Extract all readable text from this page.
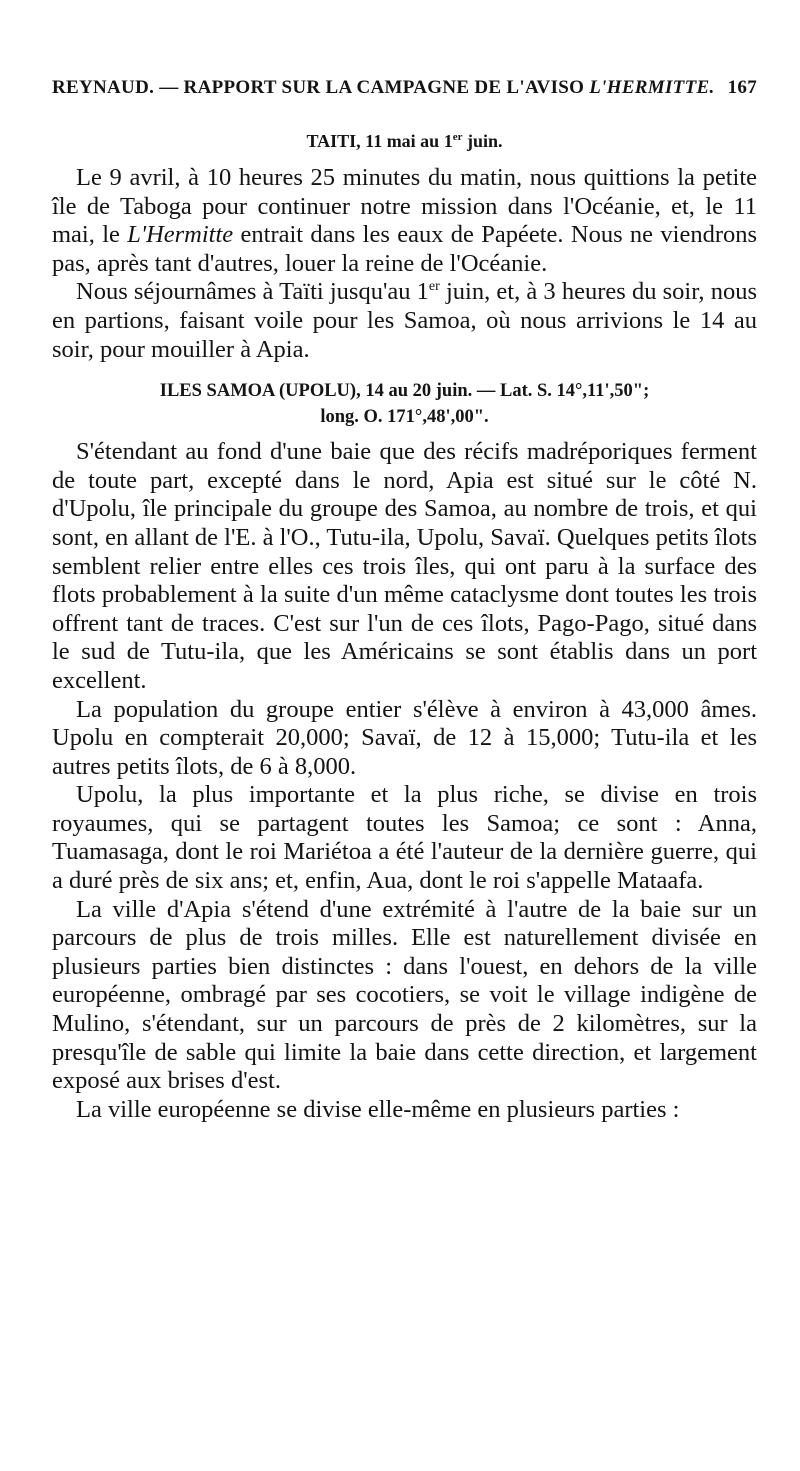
REYNAUD. — RAPPORT SUR LA CAMPAGNE DE L'AVISO L'HERMITTE. 167
TAITI, 11 mai au 1er juin.

Le 9 avril, à 10 heures 25 minutes du matin, nous quittions la petite île de Taboga pour continuer notre mission dans l'Océanie, et, le 11 mai, le L'Hermitte entrait dans les eaux de Papéete. Nous ne viendrons pas, après tant d'autres, louer la reine de l'Océanie.

Nous séjournâmes à Taïti jusqu'au 1er juin, et, à 3 heures du soir, nous en partions, faisant voile pour les Samoa, où nous arrivions le 14 au soir, pour mouiller à Apia.

ILES SAMOA (UPOLU), 14 au 20 juin. — Lat. S. 14°,11',50";
long. O. 171°,48',00".

S'étendant au fond d'une baie que des récifs madréporiques ferment de toute part, excepté dans le nord, Apia est situé sur le côté N. d'Upolu, île principale du groupe des Samoa, au nombre de trois, et qui sont, en allant de l'E. à l'O., Tutu-ila, Upolu, Savaï. Quelques petits îlots semblent relier entre elles ces trois îles, qui ont paru à la surface des flots probablement à la suite d'un même cataclysme dont toutes les trois offrent tant de traces. C'est sur l'un de ces îlots, Pago-Pago, situé dans le sud de Tutu-ila, que les Américains se sont établis dans un port excellent.

La population du groupe entier s'élève à environ à 43,000 âmes. Upolu en compterait 20,000; Savaï, de 12 à 15,000; Tutu-ila et les autres petits îlots, de 6 à 8,000.

Upolu, la plus importante et la plus riche, se divise en trois royaumes, qui se partagent toutes les Samoa; ce sont : Anna, Tuamasaga, dont le roi Mariétoa a été l'auteur de la dernière guerre, qui a duré près de six ans; et, enfin, Aua, dont le roi s'appelle Mataafa.

La ville d'Apia s'étend d'une extrémité à l'autre de la baie sur un parcours de plus de trois milles. Elle est naturellement divisée en plusieurs parties bien distinctes : dans l'ouest, en dehors de la ville européenne, ombragé par ses cocotiers, se voit le village indigène de Mulino, s'étendant, sur un parcours de près de 2 kilomètres, sur la presqu'île de sable qui limite la baie dans cette direction, et largement exposé aux brises d'est.

La ville européenne se divise elle-même en plusieurs parties :
